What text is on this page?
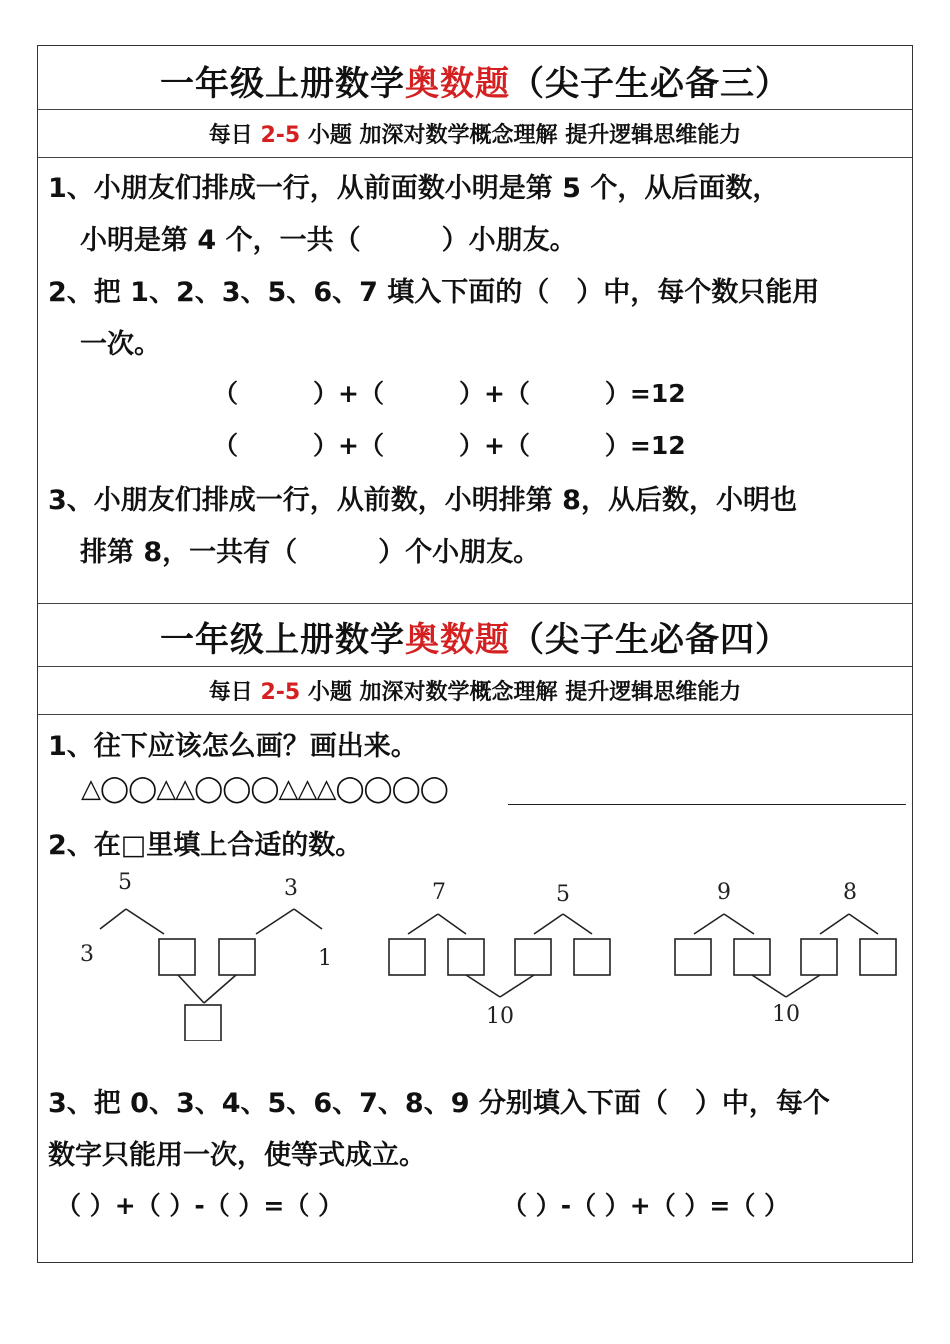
一年级上册数学奥数题（尖子生必备三）
每日 2-5 小题 加深对数学概念理解 提升逻辑思维能力
1、小朋友们排成一行，从前面数小明是第 5 个，从后面数，
小明是第 4 个，一共（　　　）小朋友。
2、把 1、2、3、5、6、7 填入下面的（　）中，每个数只能用
一次。
（　　　）+（　　　）+（　　　）=12
（　　　）+（　　　）+（　　　）=12
3、小朋友们排成一行，从前数，小明排第 8，从后数，小明也
排第 8，一共有（　　　）个小朋友。
一年级上册数学奥数题（尖子生必备四）
每日 2-5 小题 加深对数学概念理解 提升逻辑思维能力
1、往下应该怎么画？画出来。
△◯◯△△◯◯◯△△△◯◯◯◯
2、在□里填上合适的数。
5	3
3	1
7	5
10
9	8
10
3、把 0、3、4、5、6、7、8、9 分别填入下面（　）中，每个
数字只能用一次，使等式成立。
（ ）+（ ）-（ ）=（ ）	（ ）-（ ）+（ ）=（ ）
